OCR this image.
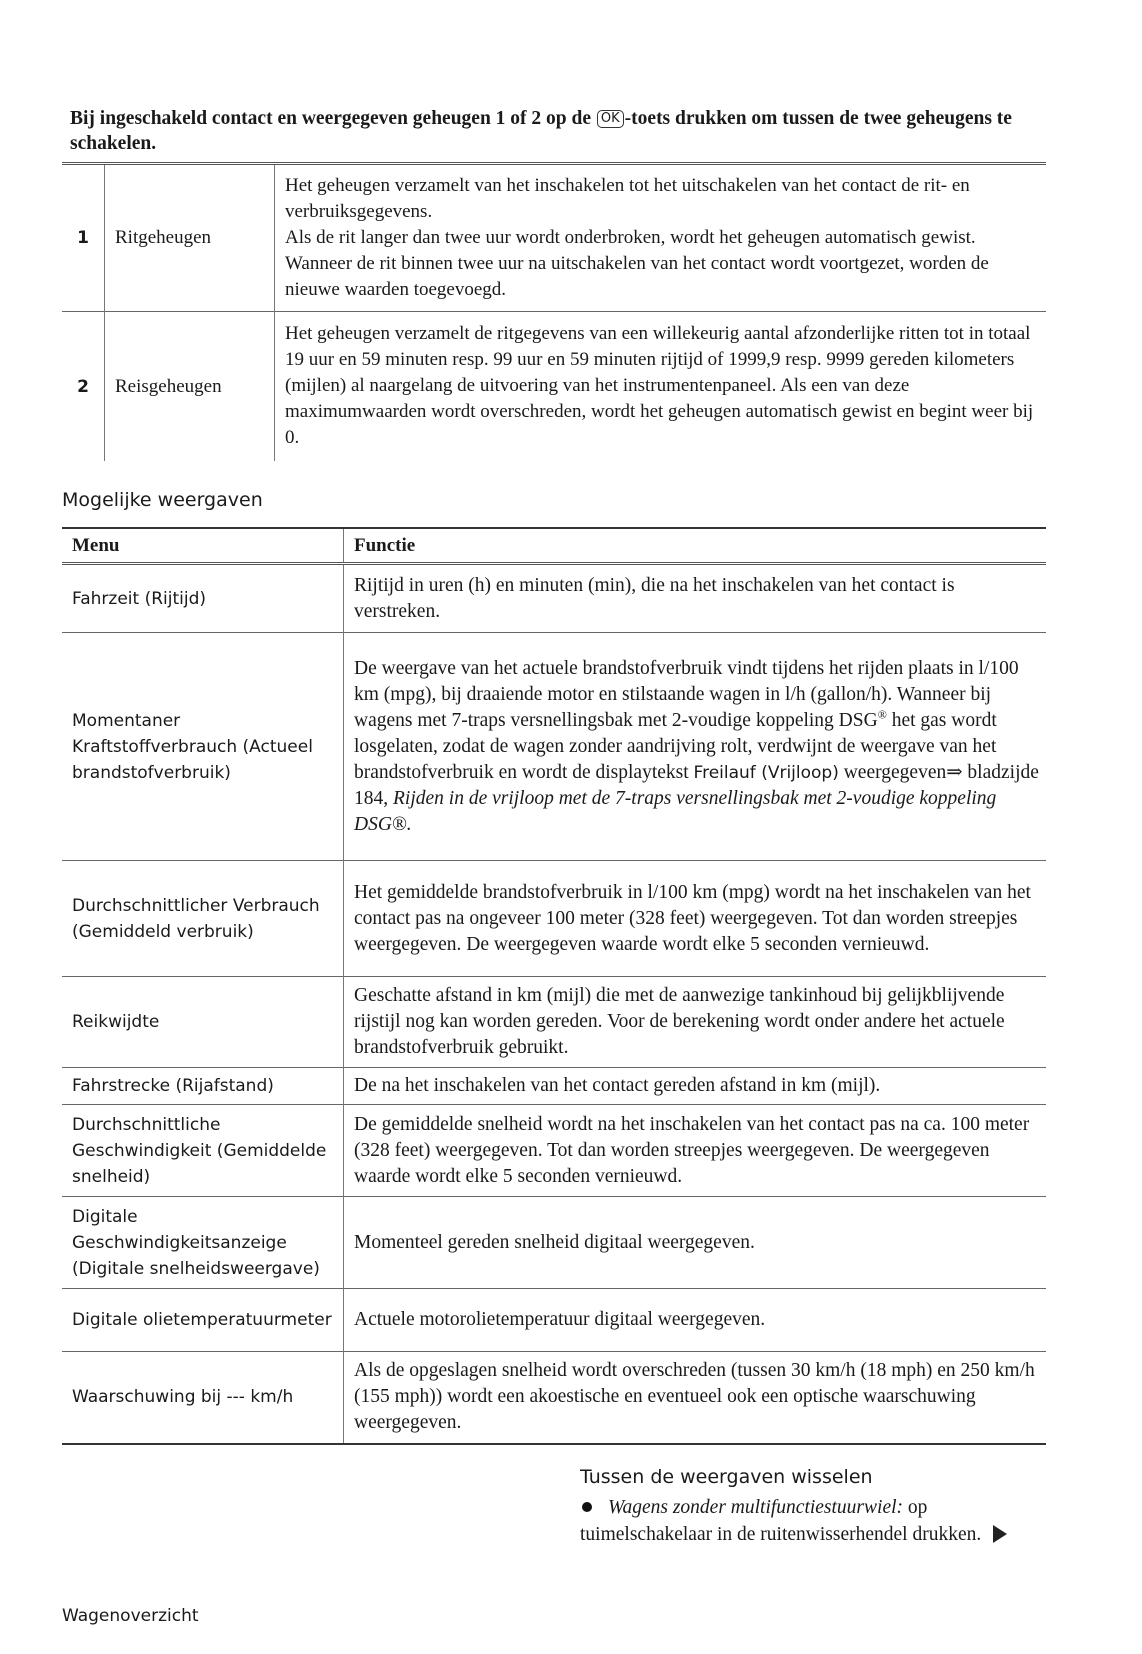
Bij ingeschakeld contact en weergegeven geheugen 1 of 2 op de OK -toets drukken om tussen de twee geheugens te schakelen.
1	Ritgeheugen	Het geheugen verzamelt van het inschakelen tot het uitschakelen van het contact de rit- en verbruiksgegevens.
Als de rit langer dan twee uur wordt onderbroken, wordt het geheugen automatisch gewist. Wanneer de rit binnen twee uur na uitschakelen van het contact wordt voortgezet, worden de nieuwe waarden toegevoegd.

2	Reisgeheugen	Het geheugen verzamelt de ritgegevens van een willekeurig aantal afzonderlijke ritten tot in totaal 19 uur en 59 minuten resp. 99 uur en 59 minuten rijtijd of 1999,9 resp. 9999 gereden kilometers (mijlen) al naargelang de uitvoering van het instrumentenpaneel. Als een van deze maximumwaarden wordt overschreden, wordt het geheugen automatisch gewist en begint weer bij 0.
Mogelijke weergaven
Menu	Functie
Fahrzeit (Rijtijd)	Rijtijd in uren (h) en minuten (min), die na het inschakelen van het contact is verstreken.
Momentaner Kraftstoffverbrauch (Actueel brandstofverbruik)	De weergave van het actuele brandstofverbruik vindt tijdens het rijden plaats in l/100 km (mpg), bij draaiende motor en stilstaande wagen in l/h (gallon/h). Wanneer bij wagens met 7-traps versnellingsbak met 2-voudige koppeling DSG® het gas wordt losgelaten, zodat de wagen zonder aandrijving rolt, verdwijnt de weergave van het brandstofverbruik en wordt de displaytekst Freilauf (Vrijloop) weergegeven⇒ bladzijde 184, Rijden in de vrijloop met de 7-traps versnellingsbak met 2-voudige koppeling DSG®.
Durchschnittlicher Verbrauch (Gemiddeld verbruik)	Het gemiddelde brandstofverbruik in l/100 km (mpg) wordt na het inschakelen van het contact pas na ongeveer 100 meter (328 feet) weergegeven. Tot dan worden streepjes weergegeven. De weergegeven waarde wordt elke 5 seconden vernieuwd.
Reikwijdte	Geschatte afstand in km (mijl) die met de aanwezige tankinhoud bij gelijkblijvende rijstijl nog kan worden gereden. Voor de berekening wordt onder andere het actuele brandstofverbruik gebruikt.
Fahrstrecke (Rijafstand)	De na het inschakelen van het contact gereden afstand in km (mijl).
Durchschnittliche Geschwindigkeit (Gemiddelde snelheid)	De gemiddelde snelheid wordt na het inschakelen van het contact pas na ca. 100 meter (328 feet) weergegeven. Tot dan worden streepjes weergegeven. De weergegeven waarde wordt elke 5 seconden vernieuwd.
Digitale Geschwindigkeitsanzeige (Digitale snelheidsweergave)	Momenteel gereden snelheid digitaal weergegeven.
Digitale olietemperatuurmeter	Actuele motorolietemperatuur digitaal weergegeven.
Waarschuwing bij --- km/h	Als de opgeslagen snelheid wordt overschreden (tussen 30 km/h (18 mph) en 250 km/h (155 mph)) wordt een akoestische en eventueel ook een optische waarschuwing weergegeven.
Tussen de weergaven wisselen
Wagens zonder multifunctiestuurwiel: op tuimelschakelaar in de ruitenwisserhendel drukken.
Wagenoverzicht
